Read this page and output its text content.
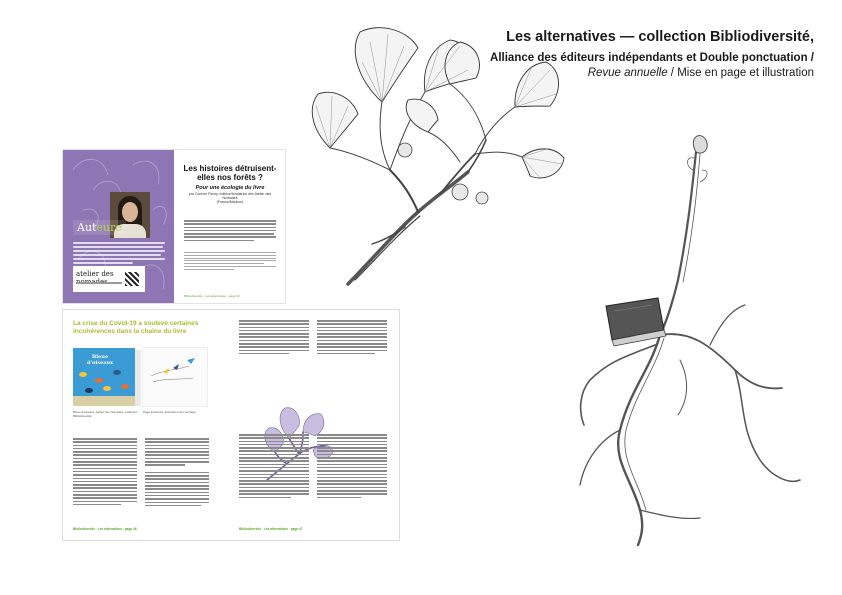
Les alternatives — collection Bibliodiversité,
Alliance des éditeurs indépendants et Double ponctuation /
Revue annuelle / Mise en page et illustration
Auteure
atelier des
Les histoires détruisent-elles nos forêts ?
Pour une écologie du livre
par Corinne Fleury, éditrice/fondatrice des Atelier des Nomades
(France/Maurice)
Bibliodiversité · Les alternatives · page 44
La crise du Covid-19 a soulevé certaines incohérences dans la chaîne du livre
Bleue
d'oiseaux
Bleue d'oiseaux, Atelier des Nomades, collection Bibliodiversité
Page intérieure, illustration de l'ouvrage
Bibliodiversité · Les alternatives · page 46	Bibliodiversité · Les alternatives · page 47
